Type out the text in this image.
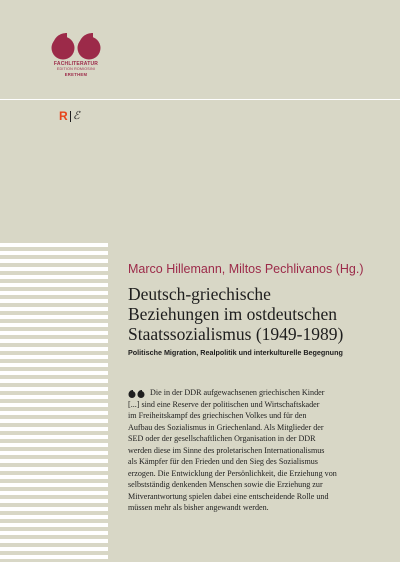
FACHLITERATUR
EDITION ROMIOSINI
ERETHEM
R ℰ
Marco Hillemann, Miltos Pechlivanos (Hg.)
Deutsch-griechische
Beziehungen im ostdeutschen
Staatssozialismus (1949-1989)
Politische Migration, Realpolitik und interkulturelle Begegnung

Die in der DDR aufgewachsenen griechischen Kinder
[...] sind eine Reserve der politischen und Wirtschaftskader
im Freiheitskampf des griechischen Volkes und für den
Aufbau des Sozialismus in Griechenland. Als Mitglieder der
SED oder der gesellschaftlichen Organisation in der DDR
werden diese im Sinne des proletarischen Internationalismus
als Kämpfer für den Frieden und den Sieg des Sozialismus
erzogen. Die Entwicklung der Persönlichkeit, die Erziehung von
selbstständig denkenden Menschen sowie die Erziehung zur
Mitverantwortung spielen dabei eine entscheidende Rolle und
müssen mehr als bisher angewandt werden.
